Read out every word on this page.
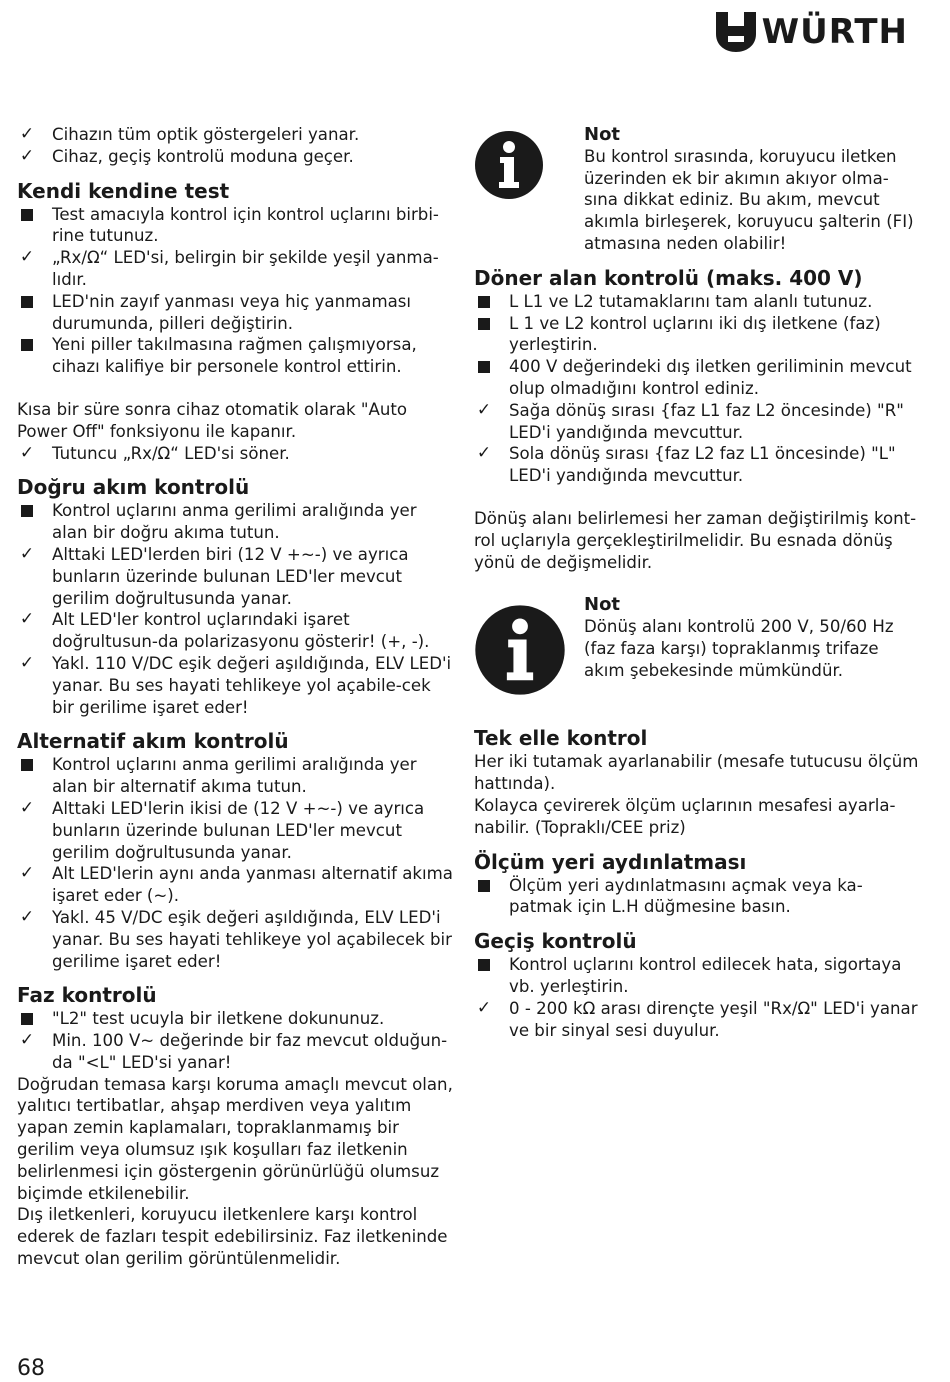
WÜRTH
✓ Cihazın tüm optik göstergeleri yanar.
✓ Cihaz, geçiş kontrolü moduna geçer.
Kendi kendine test
Test amacıyla kontrol için kontrol uçlarını birbi-rine tutunuz.
✓ „Rx/Ω“ LED'si, belirgin bir şekilde yeşil yanma-lıdır.
LED'nin zayıf yanması veya hiç yanmaması durumunda, pilleri değiştirin.
Yeni piller takılmasına rağmen çalışmıyorsa, cihazı kalifiye bir personele kontrol ettirin.

Kısa bir süre sonra cihaz otomatik olarak "Auto Power Off" fonksiyonu ile kapanır.

✓ Tutuncu „Rx/Ω“ LED'si söner.
Doğru akım kontrolü
Kontrol uçlarını anma gerilimi aralığında yer alan bir doğru akıma tutun.
✓ Alttaki LED'lerden biri (12 V +~-) ve ayrıca bunların üzerinde bulunan LED'ler mevcut gerilim doğrultusunda yanar.
✓ Alt LED'ler kontrol uçlarındaki işaret doğrultusun-da polarizasyonu gösterir! (+, -).
✓ Yakl. 110 V/DC eşik değeri aşıldığında, ELV LED'i yanar. Bu ses hayati tehlikeye yol açabile-cek bir gerilime işaret eder!
Alternatif akım kontrolü
Kontrol uçlarını anma gerilimi aralığında yer alan bir alternatif akıma tutun.
✓ Alttaki LED'lerin ikisi de (12 V +~-) ve ayrıca bunların üzerinde bulunan LED'ler mevcut gerilim doğrultusunda yanar.
✓ Alt LED'lerin aynı anda yanması alternatif akıma işaret eder (~).
✓ Yakl. 45 V/DC eşik değeri aşıldığında, ELV LED'i yanar. Bu ses hayati tehlikeye yol açabilecek bir gerilime işaret eder!
Faz kontrolü
"L2" test ucuyla bir iletkene dokununuz.
✓ Min. 100 V~ değerinde bir faz mevcut olduğun-da "<L" LED'si yanar!

Doğrudan temasa karşı koruma amaçlı mevcut olan, yalıtıcı tertibatlar, ahşap merdiven veya yalıtım yapan zemin kaplamaları, topraklanmamış bir gerilim veya olumsuz ışık koşulları faz iletkenin belirlenmesi için göstergenin görünürlüğü olumsuz biçimde etkilenebilir.

Dış iletkenleri, koruyucu iletkenlere karşı kontrol ederek de fazları tespit edebilirsiniz. Faz iletkeninde mevcut olan gerilim görüntülenmelidir.

Not

Bu kontrol sırasında, koruyucu iletken üzerinden ek bir akımın akıyor olma-sına dikkat ediniz. Bu akım, mevcut akımla birleşerek, koruyucu şalterin (FI) atmasına neden olabilir!

Döner alan kontrolü (maks. 400 V)
L L1 ve L2 tutamaklarını tam alanlı tutunuz.
L 1 ve L2 kontrol uçlarını iki dış iletkene (faz) yerleştirin.
400 V değerindeki dış iletken geriliminin mevcut olup olmadığını kontrol ediniz.
✓ Sağa dönüş sırası {faz L1 faz L2 öncesinde) "R" LED'i yandığında mevcuttur.
✓ Sola dönüş sırası {faz L2 faz L1 öncesinde) "L" LED'i yandığında mevcuttur.

Dönüş alanı belirlemesi her zaman değiştirilmiş kont-rol uçlarıyla gerçekleştirilmelidir. Bu esnada dönüş yönü de değişmelidir.

Not

Dönüş alanı kontrolü 200 V, 50/60 Hz (faz faza karşı) topraklanmış trifaze akım şebekesinde mümkündür.

Tek elle kontrol

Her iki tutamak ayarlanabilir (mesafe tutucusu ölçüm hattında).

Kolayca çevirerek ölçüm uçlarının mesafesi ayarla-nabilir. (Topraklı/CEE priz)

Ölçüm yeri aydınlatması
Ölçüm yeri aydınlatmasını açmak veya ka-patmak için L.H düğmesine basın.
Geçiş kontrolü
Kontrol uçlarını kontrol edilecek hata, sigortaya vb. yerleştirin.
✓ 0 - 200 kΩ arası dirençte yeşil "Rx/Ω" LED'i yanar ve bir sinyal sesi duyulur.
68
